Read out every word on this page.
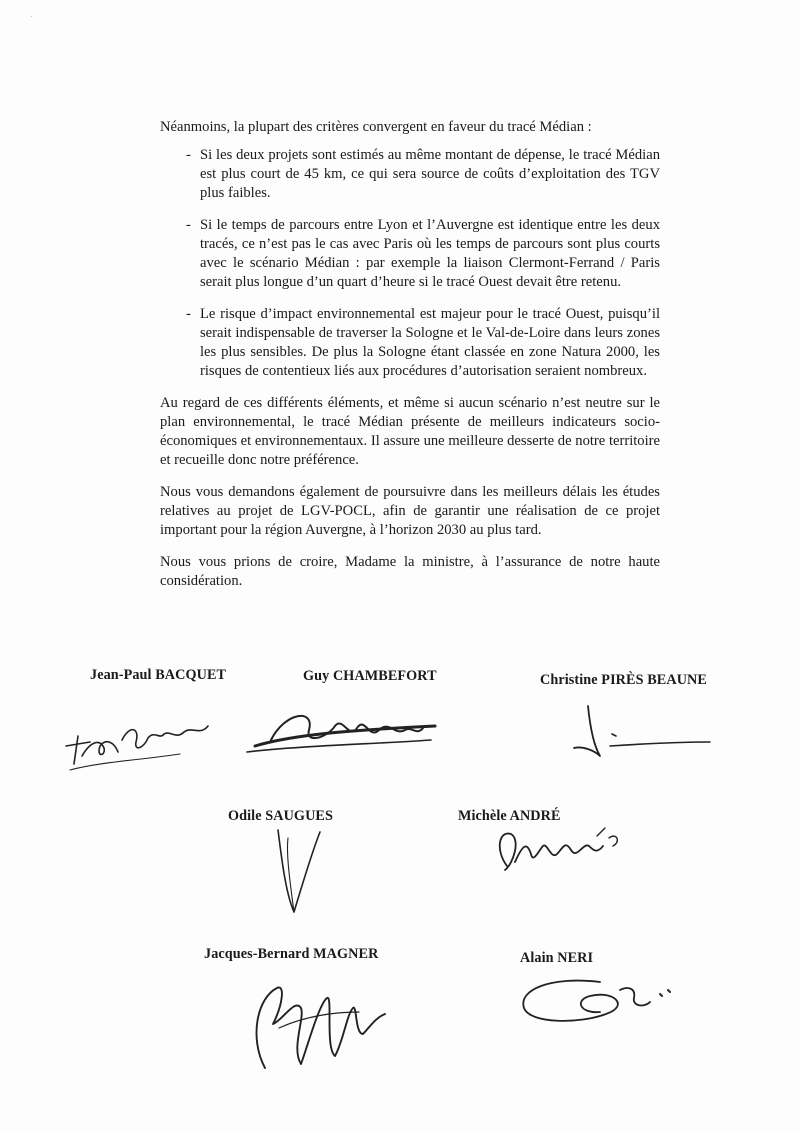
·

Néanmoins, la plupart des critères convergent en faveur du tracé Médian :

- Si les deux projets sont estimés au même montant de dépense, le tracé Médian est plus court de 45 km, ce qui sera source de coûts d’exploitation des TGV plus faibles.
- Si le temps de parcours entre Lyon et l’Auvergne est identique entre les deux tracés, ce n’est pas le cas avec Paris où les temps de parcours sont plus courts avec le scénario Médian : par exemple la liaison Clermont-Ferrand / Paris serait plus longue d’un quart d’heure si le tracé Ouest devait être retenu.
- Le risque d’impact environnemental est majeur pour le tracé Ouest, puisqu’il serait indispensable de traverser la Sologne et le Val-de-Loire dans leurs zones les plus sensibles. De plus la Sologne étant classée en zone Natura 2000, les risques de contentieux liés aux procédures d’autorisation seraient nombreux.

Au regard de ces différents éléments, et même si aucun scénario n’est neutre sur le plan environnemental, le tracé Médian présente de meilleurs indicateurs socio-économiques et environnementaux. Il assure une meilleure desserte de notre territoire et recueille donc notre préférence.

Nous vous demandons également de poursuivre dans les meilleurs délais les études relatives au projet de LGV-POCL, afin de garantir une réalisation de ce projet important pour la région Auvergne, à l’horizon 2030 au plus tard.

Nous vous prions de croire, Madame la ministre, à l’assurance de notre haute considération.

Jean-Paul BACQUET	Guy CHAMBEFORT	Christine PIRÈS BEAUNE
Odile SAUGUES	Michèle ANDRÉ
Jacques-Bernard MAGNER	Alain NERI
